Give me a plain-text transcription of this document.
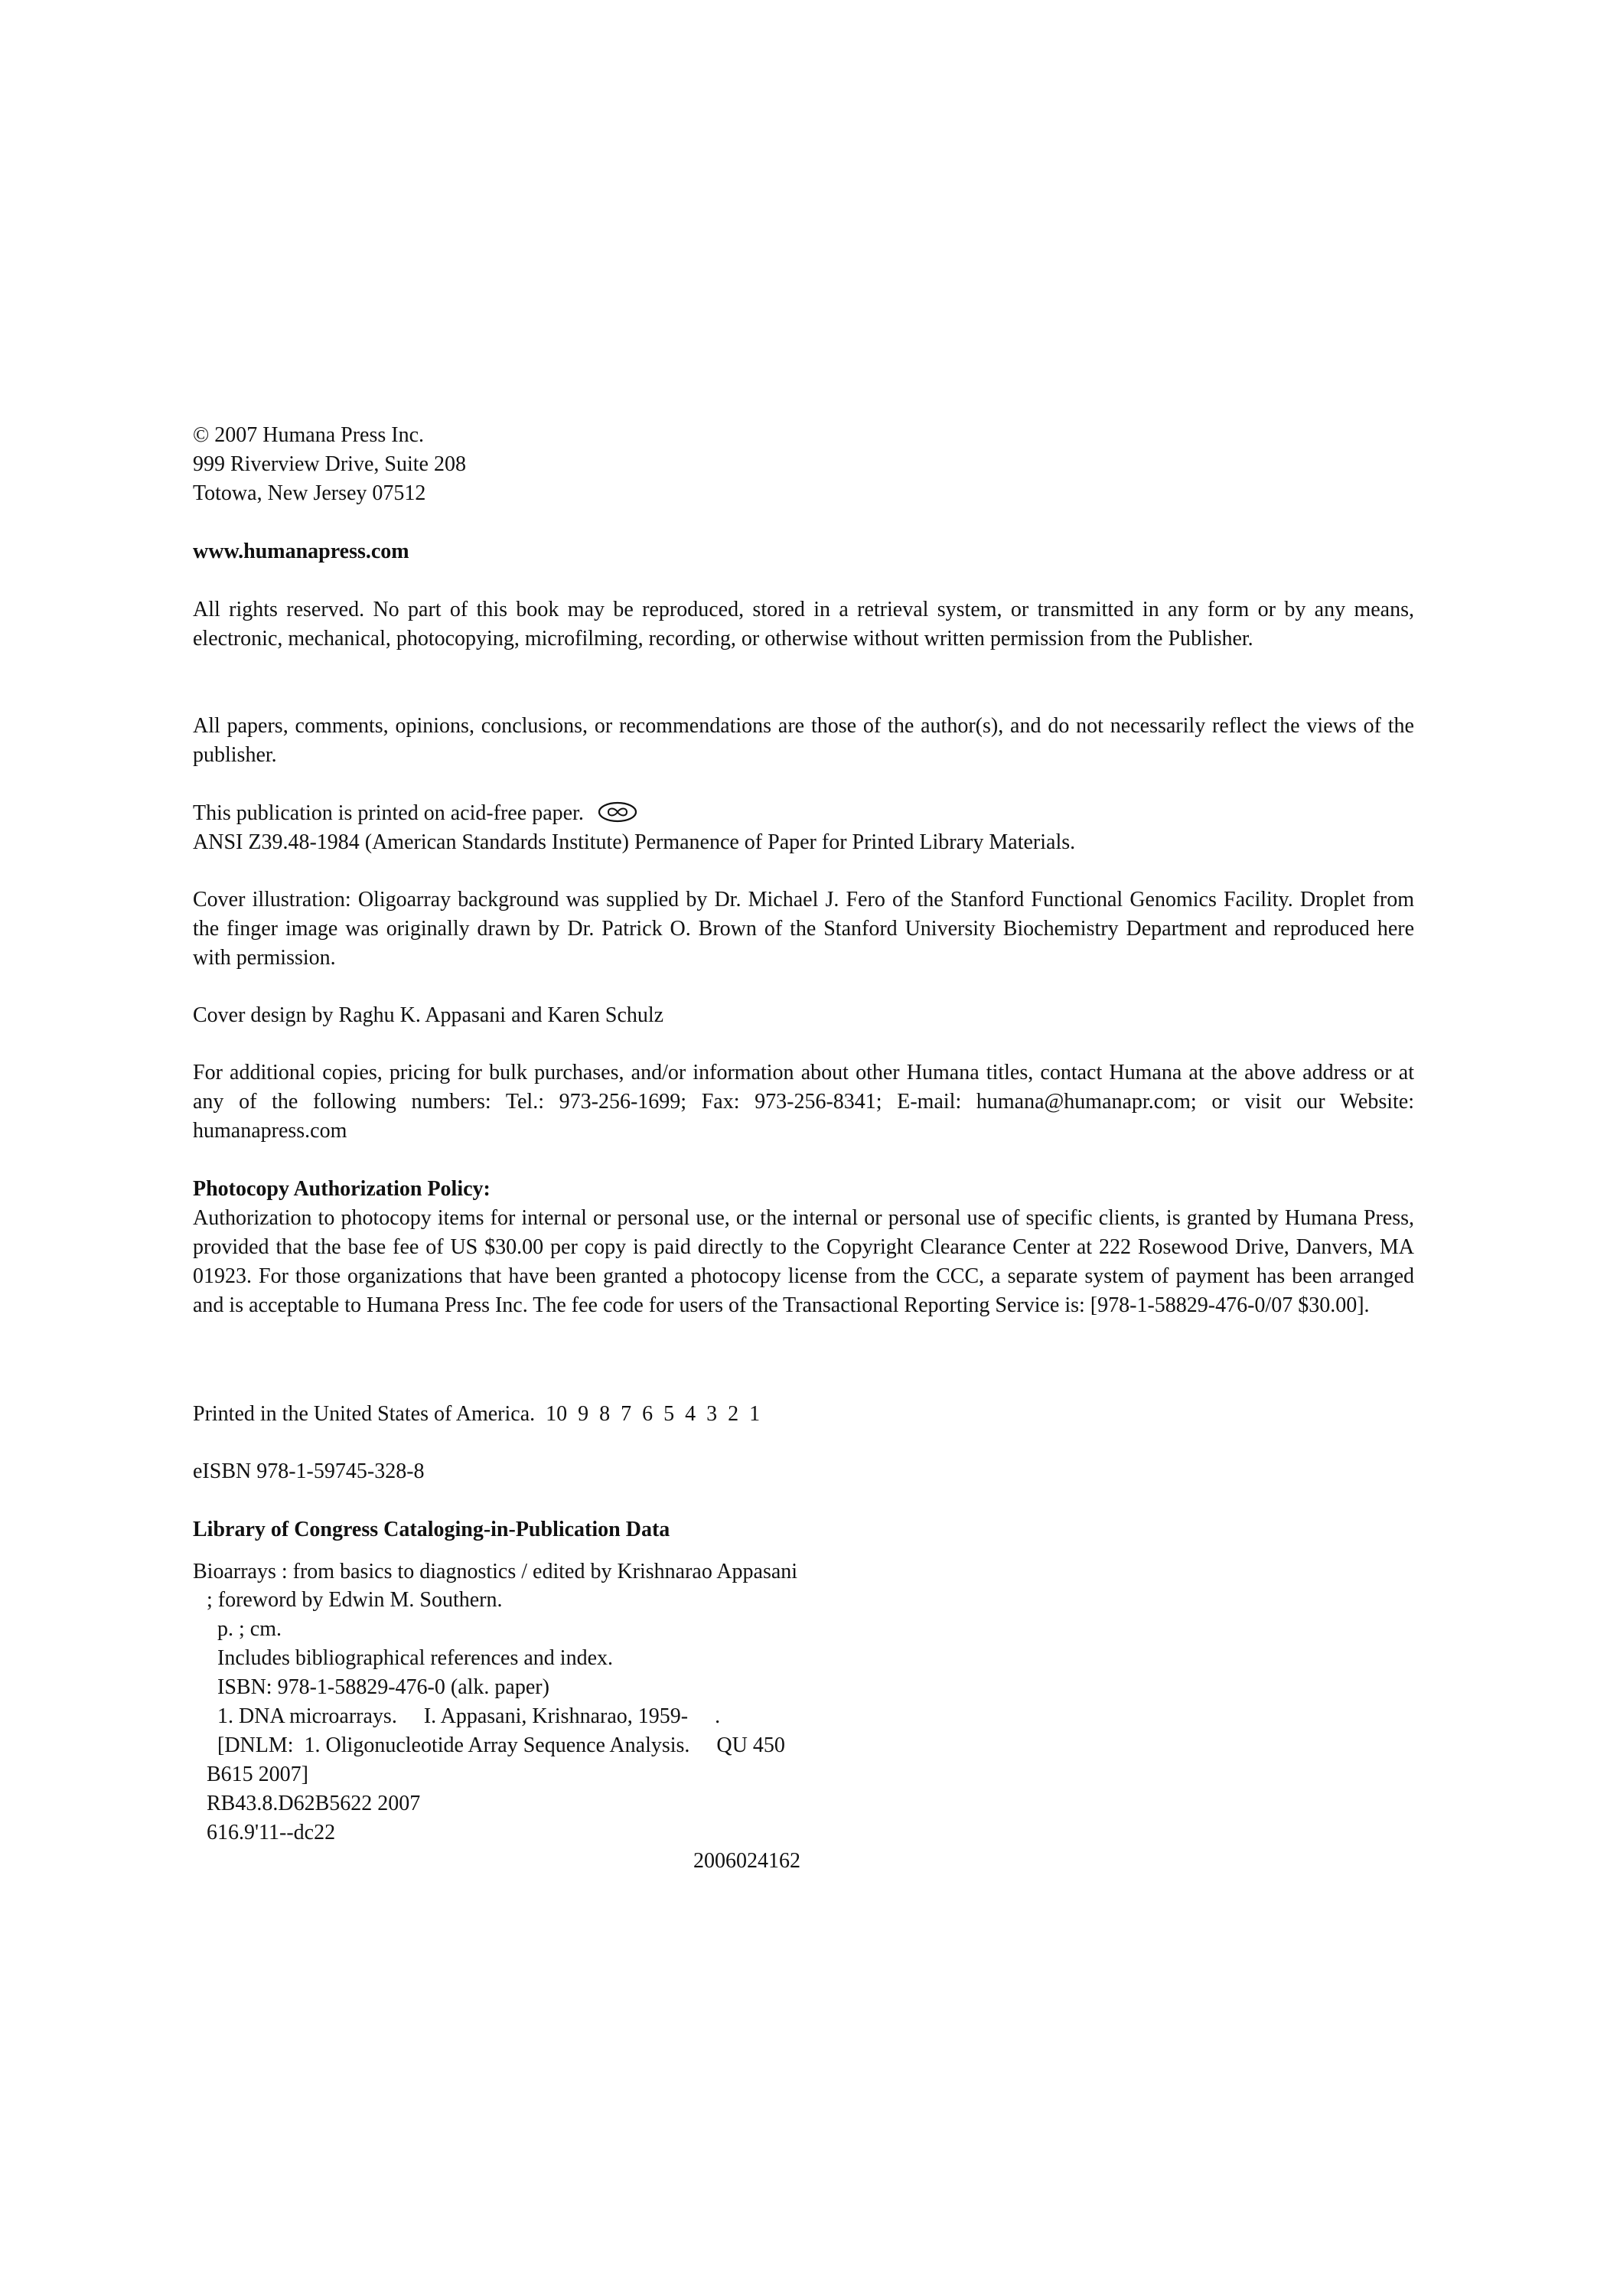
© 2007 Humana Press Inc.
999 Riverview Drive, Suite 208
Totowa, New Jersey 07512
www.humanapress.com

All rights reserved. No part of this book may be reproduced, stored in a retrieval system, or transmitted in any form or by any means, electronic, mechanical, photocopying, microfilming, recording, or otherwise without written permission from the Publisher.

All papers, comments, opinions, conclusions, or recommendations are those of the author(s), and do not necessarily reflect the views of the publisher.

This publication is printed on acid-free paper.
ANSI Z39.48-1984 (American Standards Institute) Permanence of Paper for Printed Library Materials.

Cover illustration: Oligoarray background was supplied by Dr. Michael J. Fero of the Stanford Functional Genomics Facility. Droplet from the finger image was originally drawn by Dr. Patrick O. Brown of the Stanford University Biochemistry Department and reproduced here with permission.

Cover design by Raghu K. Appasani and Karen Schulz

For additional copies, pricing for bulk purchases, and/or information about other Humana titles, contact Humana at the above address or at any of the following numbers: Tel.: 973-256-1699; Fax: 973-256-8341; E-mail: humana@humanapr.com; or visit our Website: humanapress.com

Photocopy Authorization Policy:

Authorization to photocopy items for internal or personal use, or the internal or personal use of specific clients, is granted by Humana Press, provided that the base fee of US $30.00 per copy is paid directly to the Copyright Clearance Center at 222 Rosewood Drive, Danvers, MA 01923. For those organizations that have been granted a photocopy license from the CCC, a separate system of payment has been arranged and is acceptable to Humana Press Inc. The fee code for users of the Transactional Reporting Service is: [978-1-58829-476-0/07 $30.00].

Printed in the United States of America.  10  9  8  7  6  5  4  3  2  1
eISBN 978-1-59745-328-8
Library of Congress Cataloging-in-Publication Data
Bioarrays : from basics to diagnostics / edited by Krishnarao Appasani
; foreword by Edwin M. Southern.
p. ; cm.
Includes bibliographical references and index.
ISBN: 978-1-58829-476-0 (alk. paper)
1. DNA microarrays.     I. Appasani, Krishnarao, 1959-     .
[DNLM:  1. Oligonucleotide Array Sequence Analysis.     QU 450
B615 2007]
RB43.8.D62B5622 2007
616.9'11--dc22
2006024162
